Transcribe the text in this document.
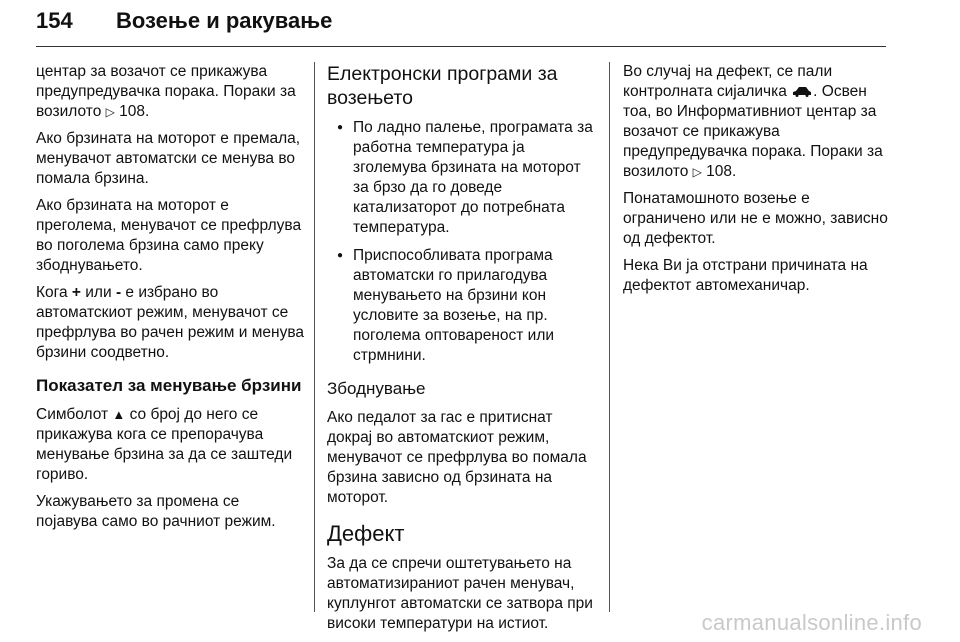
154 Возење и ракување

центар за возачот се прикажува предупредувачка порака. Пораки за возилото ▷ 108.

Ако брзината на моторот е премала, менувачот автоматски се менува во помала брзина.

Ако брзината на моторот е преголема, менувачот се префрлува во поголема брзина само преку збоднувањето.

Кога + или - е избрано во автоматскиот режим, менувачот се префрлува во рачен режим и менува брзини соодветно.

Показател за менување брзини

Симболот ▲ со број до него се прикажува кога се препорачува менување брзина за да се заштеди гориво.

Укажувањето за промена се појавува само во рачниот режим.

Електронски програми за возењето
● По ладно палење, програмата за работна температура ја зголемува брзината на моторот за брзо да го доведе катализаторот до потребната температура.
● Приспособливата програма автоматски го прилагодува менувањето на брзини кон условите за возење, на пр. поголема оптовареност или стрмнини.
Збоднување

Ако педалот за гас е притиснат докрај во автоматскиот режим, менувачот се префрлува во помала брзина зависно од брзината на моторот.

Дефект

За да се спречи оштетувањето на автоматизираниот рачен менувач, куплунгот автоматски се затвора при високи температури на истиот.

Во случај на дефект, се пали контролната сијаличка . Освен тоа, во Информативниот центар за возачот се прикажува предупредувачка порака. Пораки за возилото ▷ 108.

Понатамошното возење е ограничено или не е можно, зависно од дефектот.

Нека Ви ја отстрани причината на дефектот автомеханичар.

carmanualsonline.info
